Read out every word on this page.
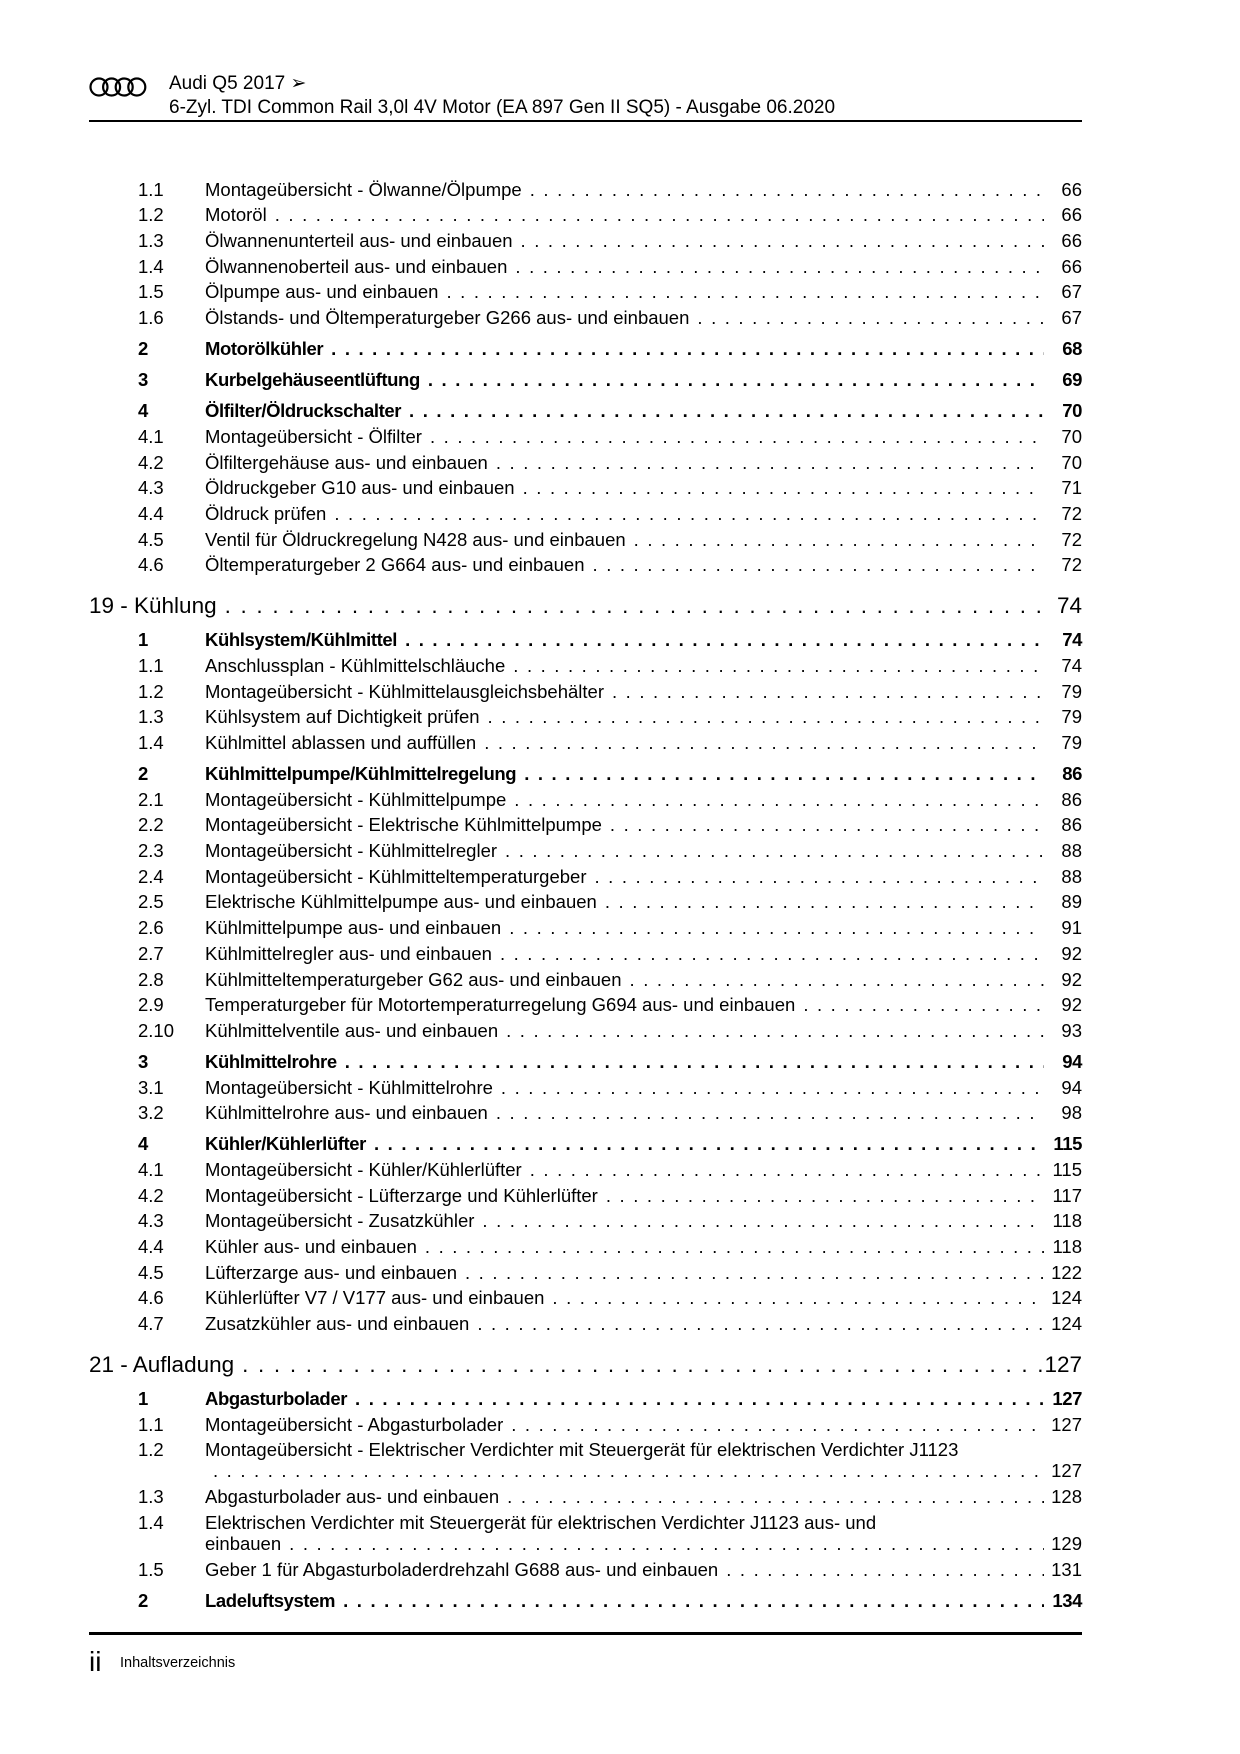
Audi Q5 2017 ➢
6-Zyl. TDI Common Rail 3,0l 4V Motor (EA 897 Gen II SQ5) - Ausgabe 06.2020
1.1	Montageübersicht - Ölwanne/Ölpumpe . . .	66
1.2	Motoröl . . .	66
1.3	Ölwannenunterteil aus- und einbauen . . .	66
1.4	Ölwannenoberteil aus- und einbauen . . .	66
1.5	Ölpumpe aus- und einbauen . . .	67
1.6	Ölstands- und Öltemperaturgeber G266 aus- und einbauen . . .	67
2	Motorölkühler . . .	68
3	Kurbelgehäuseentlüftung . . .	69
4	Ölfilter/Öldruckschalter . . .	70
4.1	Montageübersicht - Ölfilter . . .	70
4.2	Ölfiltergehäuse aus- und einbauen . . .	70
4.3	Öldruckgeber G10 aus- und einbauen . . .	71
4.4	Öldruck prüfen . . .	72
4.5	Ventil für Öldruckregelung N428 aus- und einbauen . . .	72
4.6	Öltemperaturgeber 2 G664 aus- und einbauen . . .	72
19 - Kühlung . . .	74
1	Kühlsystem/Kühlmittel . . .	74
1.1	Anschlussplan - Kühlmittelschläuche . . .	74
1.2	Montageübersicht - Kühlmittelausgleichsbehälter . . .	79
1.3	Kühlsystem auf Dichtigkeit prüfen . . .	79
1.4	Kühlmittel ablassen und auffüllen . . .	79
2	Kühlmittelpumpe/Kühlmittelregelung . . .	86
2.1	Montageübersicht - Kühlmittelpumpe . . .	86
2.2	Montageübersicht - Elektrische Kühlmittelpumpe . . .	86
2.3	Montageübersicht - Kühlmittelregler . . .	88
2.4	Montageübersicht - Kühlmitteltemperaturgeber . . .	88
2.5	Elektrische Kühlmittelpumpe aus- und einbauen . . .	89
2.6	Kühlmittelpumpe aus- und einbauen . . .	91
2.7	Kühlmittelregler aus- und einbauen . . .	92
2.8	Kühlmitteltemperaturgeber G62 aus- und einbauen . . .	92
2.9	Temperaturgeber für Motortemperaturregelung G694 aus- und einbauen . . .	92
2.10	Kühlmittelventile aus- und einbauen . . .	93
3	Kühlmittelrohre . . .	94
3.1	Montageübersicht - Kühlmittelrohre . . .	94
3.2	Kühlmittelrohre aus- und einbauen . . .	98
4	Kühler/Kühlerlüfter . . .	115
4.1	Montageübersicht - Kühler/Kühlerlüfter . . .	115
4.2	Montageübersicht - Lüfterzarge und Kühlerlüfter . . .	117
4.3	Montageübersicht - Zusatzkühler . . .	118
4.4	Kühler aus- und einbauen . . .	118
4.5	Lüfterzarge aus- und einbauen . . .	122
4.6	Kühlerlüfter V7 / V177 aus- und einbauen . . .	124
4.7	Zusatzkühler aus- und einbauen . . .	124
21 - Aufladung . . .	127
1	Abgasturbolader . . .	127
1.1	Montageübersicht - Abgasturbolader . . .	127
1.2 Montageübersicht - Elektrischer Verdichter mit Steuergerät für elektrischen Verdichter J1123
. . .
127
1.3	Abgasturbolader aus- und einbauen . . .	128
1.4 Elektrischen Verdichter mit Steuergerät für elektrischen Verdichter J1123 aus- und
einbauen . . .	129
1.5	Geber 1 für Abgasturboladerdrehzahl G688 aus- und einbauen . . .	131
2	Ladeluftsystem . . .	134
ii Inhaltsverzeichnis
